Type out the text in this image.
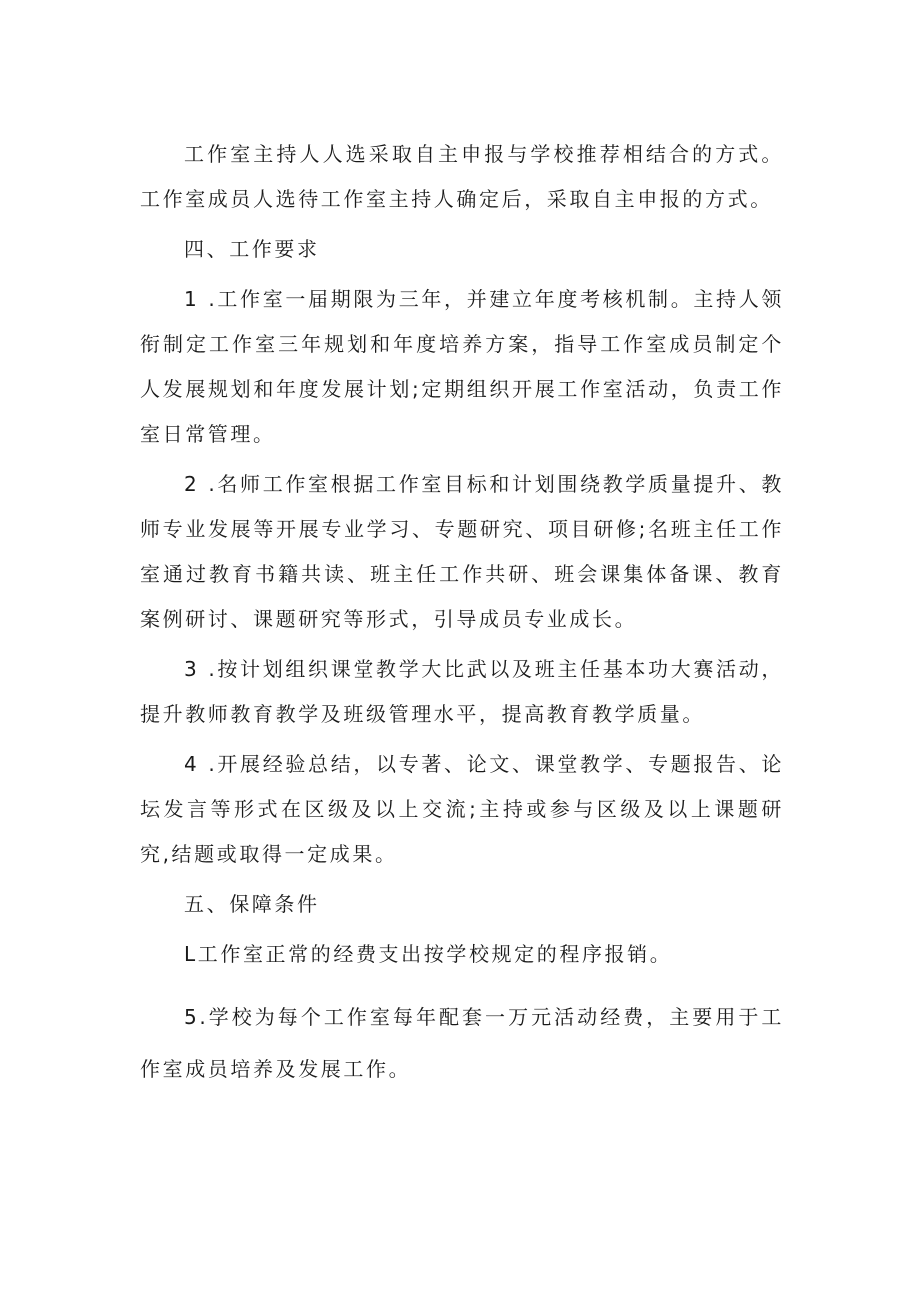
工作室主持人人选采取自主申报与学校推荐相结合的方式。工作室成员人选待工作室主持人确定后，采取自主申报的方式。

四、工作要求

1 .工作室一届期限为三年，并建立年度考核机制。主持人领衔制定工作室三年规划和年度培养方案，指导工作室成员制定个人发展规划和年度发展计划;定期组织开展工作室活动，负责工作室日常管理。

2 .名师工作室根据工作室目标和计划围绕教学质量提升、教师专业发展等开展专业学习、专题研究、项目研修;名班主任工作室通过教育书籍共读、班主任工作共研、班会课集体备课、教育案例研讨、课题研究等形式，引导成员专业成长。

3 .按计划组织课堂教学大比武以及班主任基本功大赛活动，提升教师教育教学及班级管理水平，提高教育教学质量。

4 .开展经验总结，以专著、论文、课堂教学、专题报告、论坛发言等形式在区级及以上交流;主持或参与区级及以上课题研究,结题或取得一定成果。

五、保障条件

L工作室正常的经费支出按学校规定的程序报销。

5.学校为每个工作室每年配套一万元活动经费，主要用于工作室成员培养及发展工作。
